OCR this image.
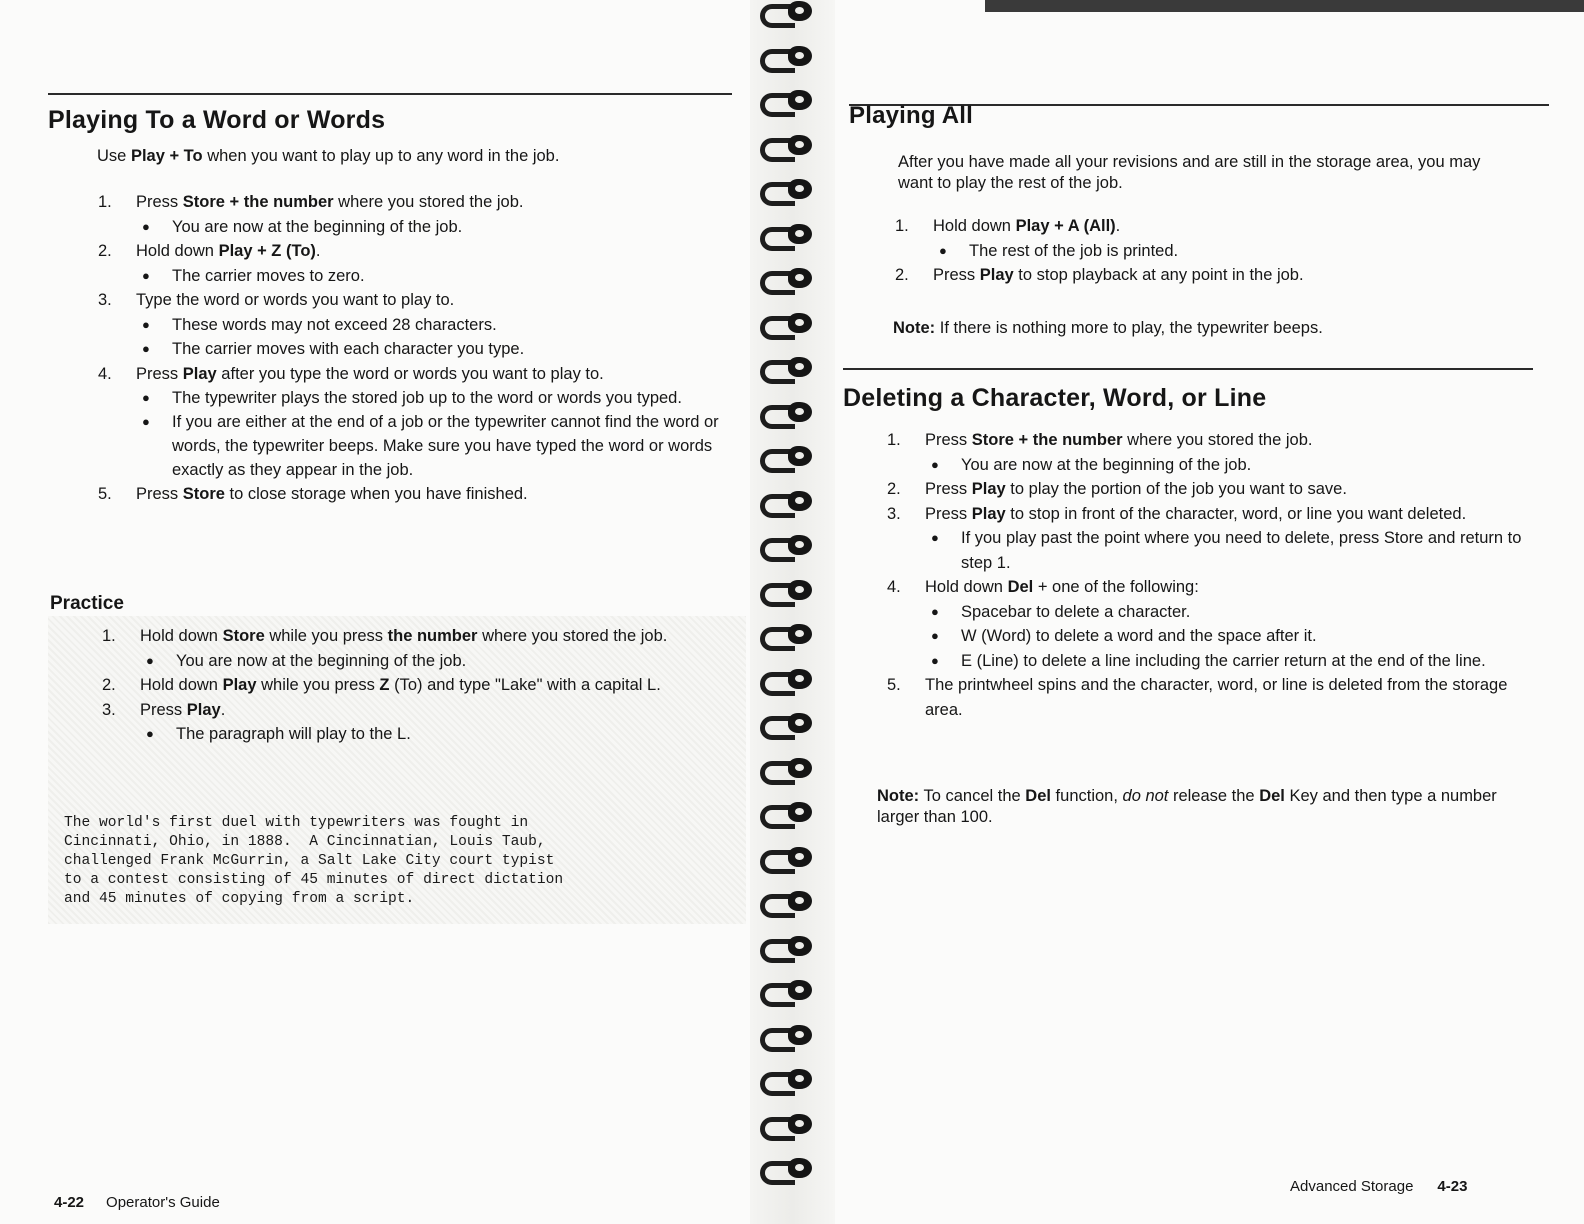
Playing To a Word or Words

Use Play + To when you want to play up to any word in the job.

1. Press Store + the number where you stored the job.
● You are now at the beginning of the job.
2. Hold down Play + Z (To).
● The carrier moves to zero.
3. Type the word or words you want to play to.
● These words may not exceed 28 characters.
● The carrier moves with each character you type.
4. Press Play after you type the word or words you want to play to.
● The typewriter plays the stored job up to the word or words you typed.
● If you are either at the end of a job or the typewriter cannot find the word or words, the typewriter beeps. Make sure you have typed the word or words exactly as they appear in the job.
5. Press Store to close storage when you have finished.
Practice
1. Hold down Store while you press the number where you stored the job.
● You are now at the beginning of the job.
2. Hold down Play while you press Z (To) and type "Lake" with a capital L.
3. Press Play.
● The paragraph will play to the L.
The world's first duel with typewriters was fought in
Cincinnati, Ohio, in 1888.  A Cincinnatian, Louis Taub,
challenged Frank McGurrin, a Salt Lake City court typist
to a contest consisting of 45 minutes of direct dictation
and 45 minutes of copying from a script.
4-22 Operator's Guide
Playing All

After you have made all your revisions and are still in the storage area, you may want to play the rest of the job.

1. Hold down Play + A (All).
● The rest of the job is printed.
2. Press Play to stop playback at any point in the job.

Note: If there is nothing more to play, the typewriter beeps.

Deleting a Character, Word, or Line
1. Press Store + the number where you stored the job.
● You are now at the beginning of the job.
2. Press Play to play the portion of the job you want to save.
3. Press Play to stop in front of the character, word, or line you want deleted.
● If you play past the point where you need to delete, press Store and return to step 1.
4. Hold down Del + one of the following:
● Spacebar to delete a character.
● W (Word) to delete a word and the space after it.
● E (Line) to delete a line including the carrier return at the end of the line.
5. The printwheel spins and the character, word, or line is deleted from the storage area.

Note: To cancel the Del function, do not release the Del Key and then type a number larger than 100.

Advanced Storage 4-23
